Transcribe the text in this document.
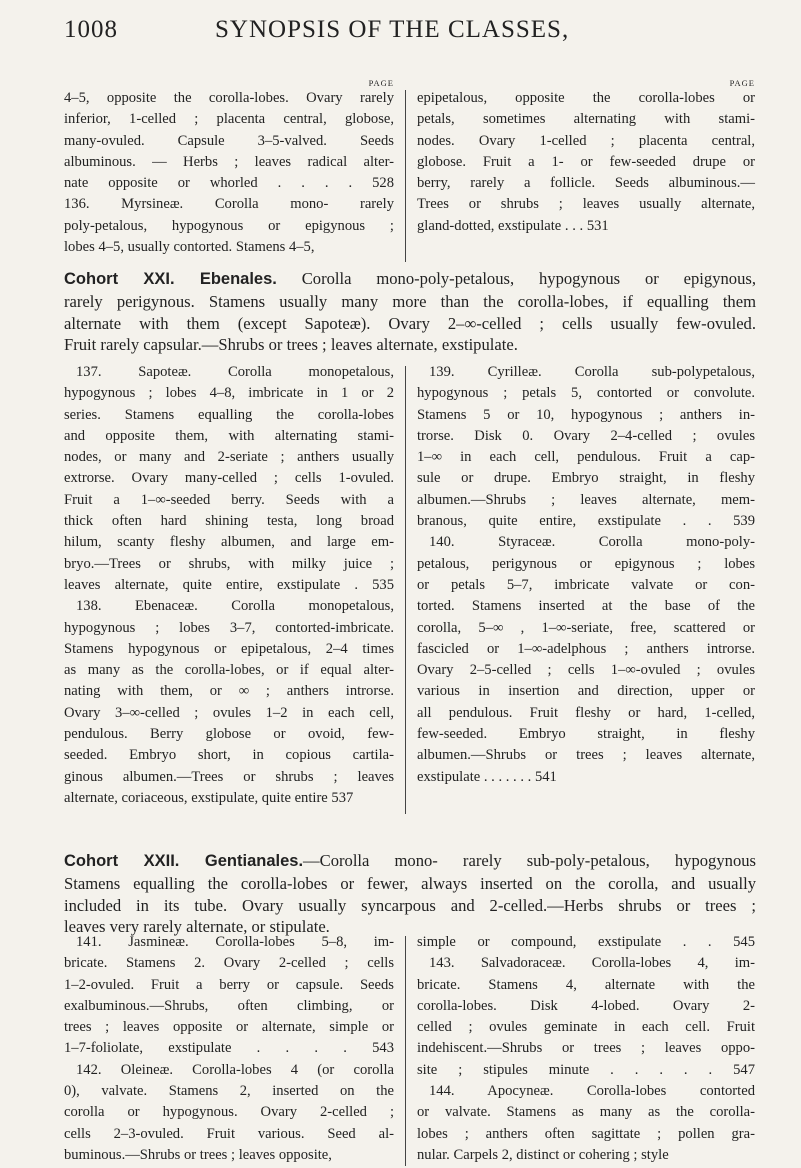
1008	SYNOPSIS OF THE CLASSES,
PAGE
4–5, opposite the corolla-lobes. Ovary rarely
inferior, 1-celled ; placenta central, globose,
many-ovuled. Capsule 3–5-valved. Seeds
albuminous. — Herbs ; leaves radical alter-
nate opposite or whorled . . . . 528
136. Myrsineæ. Corolla mono- rarely
poly-petalous, hypogynous or epigynous ;
lobes 4–5, usually contorted. Stamens 4–5,
PAGE
epipetalous, opposite the corolla-lobes or
petals, sometimes alternating with stami-
nodes. Ovary 1-celled ; placenta central,
globose. Fruit a 1- or few-seeded drupe or
berry, rarely a follicle. Seeds albuminous.—
Trees or shrubs ; leaves usually alternate,
gland-dotted, exstipulate . . . 531
Cohort XXI. Ebenales. Corolla mono-poly-petalous, hypogynous or epigynous,
rarely perigynous. Stamens usually many more than the corolla-lobes, if equalling them
alternate with them (except Sapoteæ). Ovary 2–∞-celled ; cells usually few-ovuled.
Fruit rarely capsular.—Shrubs or trees ; leaves alternate, exstipulate.
137. Sapoteæ. Corolla monopetalous,
hypogynous ; lobes 4–8, imbricate in 1 or 2
series. Stamens equalling the corolla-lobes
and opposite them, with alternating stami-
nodes, or many and 2-seriate ; anthers usually
extrorse. Ovary many-celled ; cells 1-ovuled.
Fruit a 1–∞-seeded berry. Seeds with a
thick often hard shining testa, long broad
hilum, scanty fleshy albumen, and large em-
bryo.—Trees or shrubs, with milky juice ;
leaves alternate, quite entire, exstipulate . 535
138. Ebenaceæ. Corolla monopetalous,
hypogynous ; lobes 3–7, contorted-imbricate.
Stamens hypogynous or epipetalous, 2–4 times
as many as the corolla-lobes, or if equal alter-
nating with them, or ∞ ; anthers introrse.
Ovary 3–∞-celled ; ovules 1–2 in each cell,
pendulous. Berry globose or ovoid, few-
seeded. Embryo short, in copious cartila-
ginous albumen.—Trees or shrubs ; leaves
alternate, coriaceous, exstipulate, quite entire 537
139. Cyrilleæ. Corolla sub-polypetalous,
hypogynous ; petals 5, contorted or convolute.
Stamens 5 or 10, hypogynous ; anthers in-
trorse. Disk 0. Ovary 2–4-celled ; ovules
1–∞ in each cell, pendulous. Fruit a cap-
sule or drupe. Embryo straight, in fleshy
albumen.—Shrubs ; leaves alternate, mem-
branous, quite entire, exstipulate . . 539
140. Styraceæ. Corolla mono-poly-
petalous, perigynous or epigynous ; lobes
or petals 5–7, imbricate valvate or con-
torted. Stamens inserted at the base of the
corolla, 5–∞ , 1–∞-seriate, free, scattered or
fascicled or 1–∞-adelphous ; anthers introrse.
Ovary 2–5-celled ; cells 1–∞-ovuled ; ovules
various in insertion and direction, upper or
all pendulous. Fruit fleshy or hard, 1-celled,
few-seeded. Embryo straight, in fleshy
albumen.—Shrubs or trees ; leaves alternate,
exstipulate . . . . . . . 541
Cohort XXII. Gentianales.—Corolla mono- rarely sub-poly-petalous, hypogynous
Stamens equalling the corolla-lobes or fewer, always inserted on the corolla, and usually
included in its tube. Ovary usually syncarpous and 2-celled.—Herbs shrubs or trees ;
leaves very rarely alternate, or stipulate.
141. Jasmineæ. Corolla-lobes 5–8, im-
bricate. Stamens 2. Ovary 2-celled ; cells
1–2-ovuled. Fruit a berry or capsule. Seeds
exalbuminous.—Shrubs, often climbing, or
trees ; leaves opposite or alternate, simple or
1–7-foliolate, exstipulate . . . . 543
142. Oleineæ. Corolla-lobes 4 (or corolla
0), valvate. Stamens 2, inserted on the
corolla or hypogynous. Ovary 2-celled ;
cells 2–3-ovuled. Fruit various. Seed al-
buminous.—Shrubs or trees ; leaves opposite,
simple or compound, exstipulate . . 545
143. Salvadoraceæ. Corolla-lobes 4, im-
bricate. Stamens 4, alternate with the
corolla-lobes. Disk 4-lobed. Ovary 2-
celled ; ovules geminate in each cell. Fruit
indehiscent.—Shrubs or trees ; leaves oppo-
site ; stipules minute . . . . . 547
144. Apocyneæ. Corolla-lobes contorted
or valvate. Stamens as many as the corolla-
lobes ; anthers often sagittate ; pollen gra-
nular. Carpels 2, distinct or cohering ; style
